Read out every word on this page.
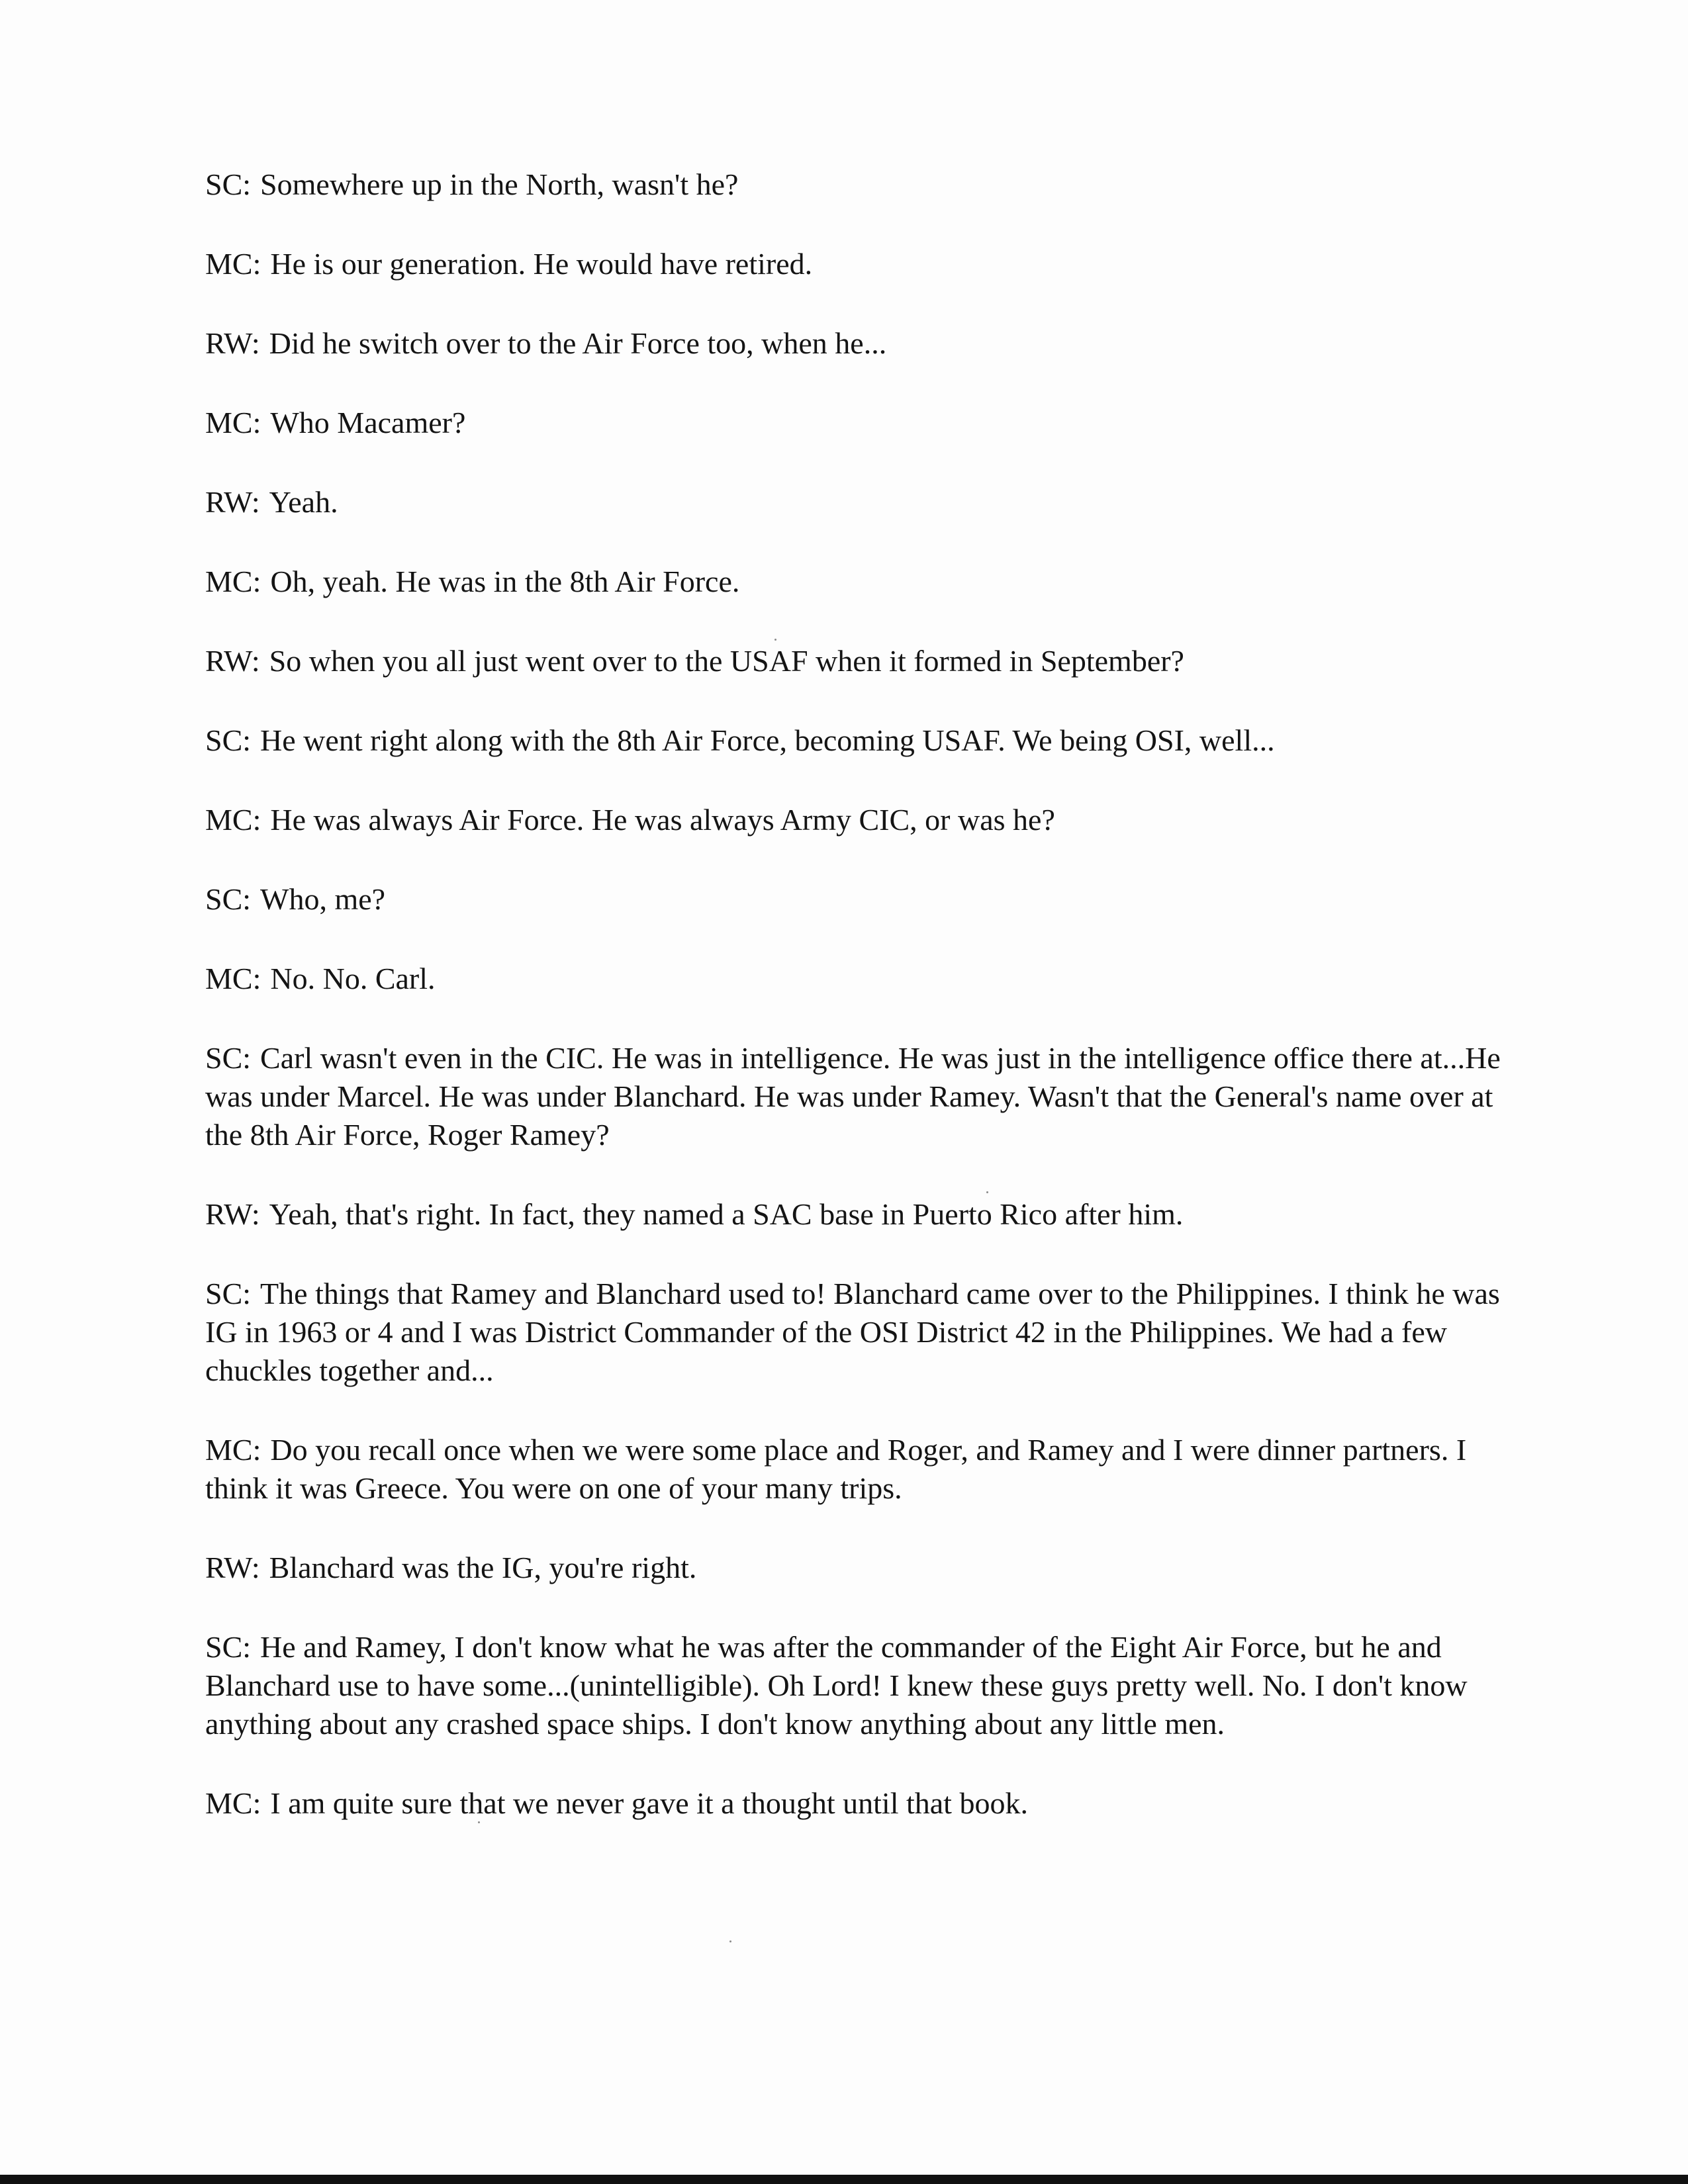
SC: Somewhere up in the North, wasn't he?

MC: He is our generation. He would have retired.

RW: Did he switch over to the Air Force too, when he...

MC: Who Macamer?

RW: Yeah.

MC: Oh, yeah. He was in the 8th Air Force.

RW: So when you all just went over to the USAF when it formed in September?

SC: He went right along with the 8th Air Force, becoming USAF. We being OSI, well...

MC: He was always Air Force. He was always Army CIC, or was he?

SC: Who, me?

MC: No. No. Carl.

SC: Carl wasn't even in the CIC. He was in intelligence. He was just in the intelligence office there at...He was under Marcel. He was under Blanchard. He was under Ramey. Wasn't that the General's name over at the 8th Air Force, Roger Ramey?

RW: Yeah, that's right. In fact, they named a SAC base in Puerto Rico after him.

SC: The things that Ramey and Blanchard used to! Blanchard came over to the Philippines. I think he was IG in 1963 or 4 and I was District Commander of the OSI District 42 in the Philippines. We had a few chuckles together and...

MC: Do you recall once when we were some place and Roger, and Ramey and I were dinner partners. I think it was Greece. You were on one of your many trips.

RW: Blanchard was the IG, you're right.

SC: He and Ramey, I don't know what he was after the commander of the Eight Air Force, but he and Blanchard use to have some...(unintelligible). Oh Lord! I knew these guys pretty well. No. I don't know anything about any crashed space ships. I don't know anything about any little men.

MC: I am quite sure that we never gave it a thought until that book.
